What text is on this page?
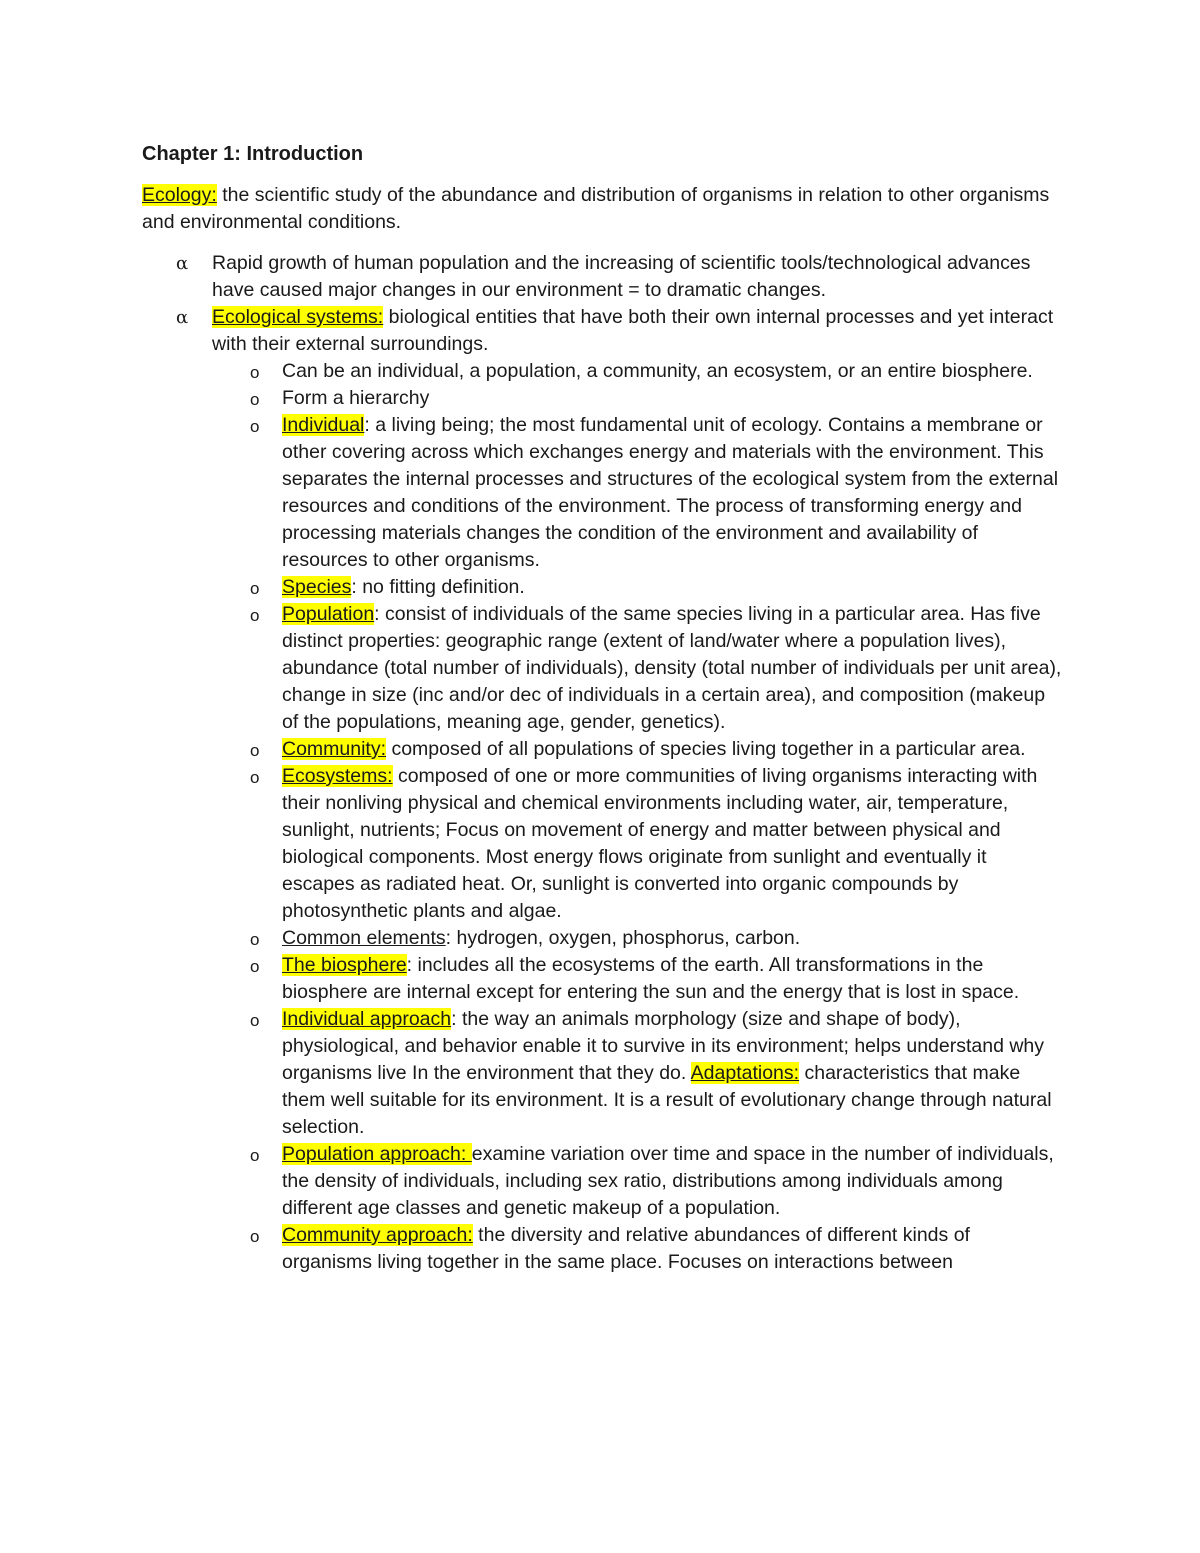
Chapter 1: Introduction
Ecology: the scientific study of the abundance and distribution of organisms in relation to other organisms and environmental conditions.
α Rapid growth of human population and the increasing of scientific tools/technological advances have caused major changes in our environment = to dramatic changes.
α Ecological systems: biological entities that have both their own internal processes and yet interact with their external surroundings.
o Can be an individual, a population, a community, an ecosystem, or an entire biosphere.
o Form a hierarchy
o Individual: a living being; the most fundamental unit of ecology. Contains a membrane or other covering across which exchanges energy and materials with the environment. This separates the internal processes and structures of the ecological system from the external resources and conditions of the environment. The process of transforming energy and processing materials changes the condition of the environment and availability of resources to other organisms.
o Species: no fitting definition.
o Population: consist of individuals of the same species living in a particular area. Has five distinct properties: geographic range (extent of land/water where a population lives), abundance (total number of individuals), density (total number of individuals per unit area), change in size (inc and/or dec of individuals in a certain area), and composition (makeup of the populations, meaning age, gender, genetics).
o Community: composed of all populations of species living together in a particular area.
o Ecosystems: composed of one or more communities of living organisms interacting with their nonliving physical and chemical environments including water, air, temperature, sunlight, nutrients; Focus on movement of energy and matter between physical and biological components. Most energy flows originate from sunlight and eventually it escapes as radiated heat. Or, sunlight is converted into organic compounds by photosynthetic plants and algae.
o Common elements: hydrogen, oxygen, phosphorus, carbon.
o The biosphere: includes all the ecosystems of the earth. All transformations in the biosphere are internal except for entering the sun and the energy that is lost in space.
o Individual approach: the way an animals morphology (size and shape of body), physiological, and behavior enable it to survive in its environment; helps understand why organisms live In the environment that they do. Adaptations: characteristics that make them well suitable for its environment. It is a result of evolutionary change through natural selection.
o Population approach: examine variation over time and space in the number of individuals, the density of individuals, including sex ratio, distributions among individuals among different age classes and genetic makeup of a population.
o Community approach: the diversity and relative abundances of different kinds of organisms living together in the same place. Focuses on interactions between
